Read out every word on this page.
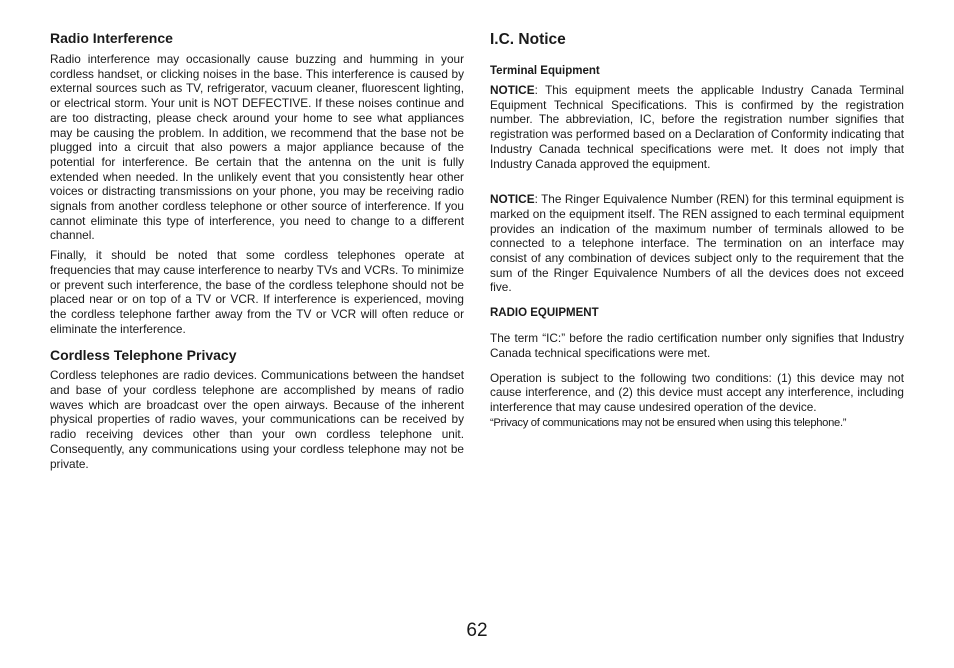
Radio Interference

Radio interference may occasionally cause buzzing and humming in your cordless handset, or clicking noises in the base. This interference is caused by external sources such as TV, refrigerator, vacuum cleaner, fluorescent lighting, or electrical storm. Your unit is NOT DEFECTIVE. If these noises continue and are too distracting, please check around your home to see what appliances may be causing the problem. In addition, we recommend that the base not be plugged into a circuit that also powers a major appliance because of the potential for interference. Be certain that the antenna on the unit is fully extended when needed. In the unlikely event that you consistently hear other voices or distracting transmissions on your phone, you may be receiving radio signals from another cordless telephone or other source of interference. If you cannot eliminate this type of interference, you need to change to a different channel.

Finally, it should be noted that some cordless telephones operate at frequencies that may cause interference to nearby TVs and VCRs. To minimize or prevent such interference, the base of the cordless telephone should not be placed near or on top of a TV or VCR. If interference is experienced, moving the cordless telephone farther away from the TV or VCR will often reduce or eliminate the interference.

Cordless Telephone Privacy

Cordless telephones are radio devices. Communications between the handset and base of your cordless telephone are accomplished by means of radio waves which are broadcast over the open airways. Because of the inherent physical properties of radio waves, your communications can be received by radio receiving devices other than your own cordless telephone unit. Consequently, any communications using your cordless telephone may not be private.

I.C. Notice
Terminal Equipment

NOTICE: This equipment meets the applicable Industry Canada Terminal Equipment Technical Specifications. This is confirmed by the registration number. The abbreviation, IC, before the registration number signifies that registration was performed based on a Declaration of Conformity indicating that Industry Canada technical specifications were met. It does not imply that Industry Canada approved the equipment.

NOTICE: The Ringer Equivalence Number (REN) for this terminal equipment is marked on the equipment itself. The REN assigned to each terminal equipment provides an indication of the maximum number of terminals allowed to be connected to a telephone interface. The termination on an interface may consist of any combination of devices subject only to the requirement that the sum of the Ringer Equivalence Numbers of all the devices does not exceed five.

RADIO EQUIPMENT

The term “IC:” before the radio certification number only signifies that Industry Canada technical specifications were met.

Operation is subject to the following two conditions: (1) this device may not cause interference, and (2) this device must accept any interference, including interference that may cause undesired operation of the device.

“Privacy of communications may not be ensured when using this telephone.”

62
